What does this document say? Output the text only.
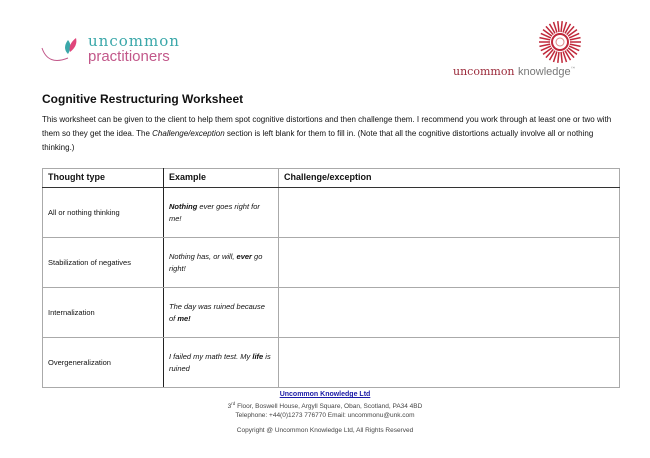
uncommon
practitioners
uncommon knowledge™
Cognitive Restructuring Worksheet
This worksheet can be given to the client to help them spot cognitive distortions and then challenge them. I recommend you work through at least one or two with them so they get the idea. The Challenge/exception section is left blank for them to fill in. (Note that all the cognitive distortions actually involve all or nothing thinking.)
Thought type	Example	Challenge/exception
All or nothing thinking	Nothing ever goes right for me!	
Stabilization of negatives	Nothing has, or will, ever go right!	
Internalization	The day was ruined because of me!	
Overgeneralization	I failed my math test. My life is ruined	
Uncommon Knowledge Ltd
3rd Floor, Boswell House, Argyll Square, Oban, Scotland, PA34 4BD
Telephone: +44(0)1273 776770 Email: uncommonu@unk.com

Copyright @ Uncommon Knowledge Ltd, All Rights Reserved
